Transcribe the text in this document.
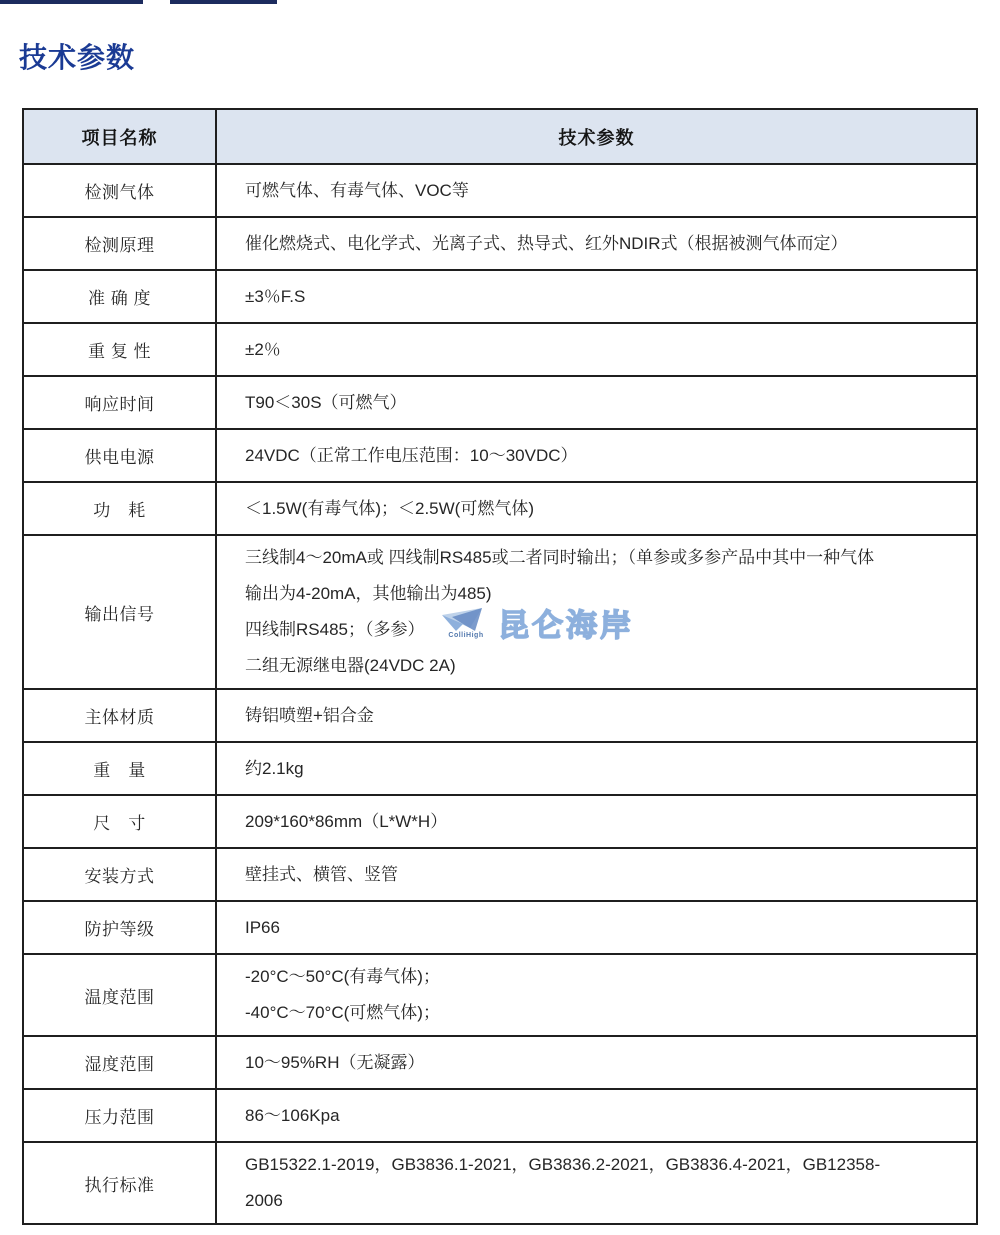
技术参数
项目名称	技术参数
检测气体	可燃气体、有毒气体、VOC等

检测原理	催化燃烧式、电化学式、光离子式、热导式、红外NDIR式（根据被测气体而定）

准 确 度	±3％F.S

重 复 性	±2％

响应时间	T90＜30S（可燃气）

供电电源	24VDC（正常工作电压范围：10～30VDC）

功　耗	＜1.5W(有毒气体)；＜2.5W(可燃气体)

输出信号	三线制4～20mA或 四线制RS485或二者同时输出；（单参或多参产品中其中一种气体
输出为4-20mA，其他输出为485)
四线制RS485；（多参）
二组无源继电器(24VDC 2A)

主体材质	铸铝喷塑+铝合金

重　量	约2.1kg

尺　寸	209*160*86mm（L*W*H）

安装方式	壁挂式、横管、竖管

防护等级	IP66

温度范围	-20°C～50°C(有毒气体)；
-40°C～70°C(可燃气体)；

湿度范围	10～95%RH（无凝露）

压力范围	86～106Kpa

执行标准	GB15322.1-2019，GB3836.1-2021，GB3836.2-2021，GB3836.4-2021，GB12358-
2006
ColliHigh 昆仑海岸
